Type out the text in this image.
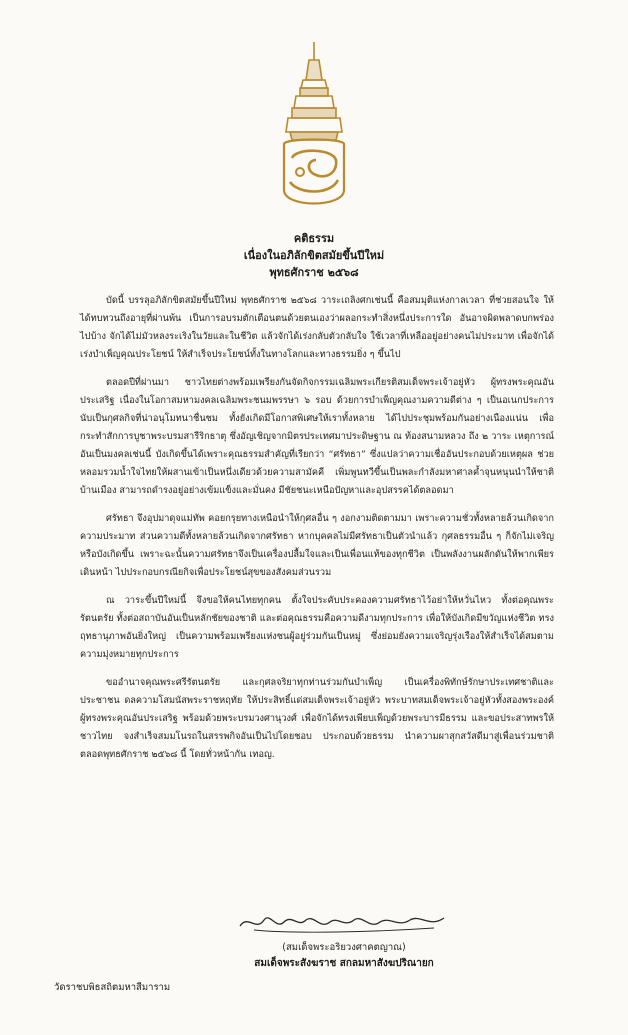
คติธรรม
เนื่องในอภิลักขิตสมัยขึ้นปีใหม่
พุทธศักราช ๒๕๖๘

บัดนี้ บรรลุอภิลักขิตสมัยขึ้นปีใหม่ พุทธศักราช ๒๕๖๘ วาระเถลิงศกเช่นนี้ คือสมมุติแห่งกาลเวลา ที่ช่วยสอนใจ ให้ได้ทบทวนถึงอายุที่ผ่านพ้น เป็นการอบรมตักเตือนตนด้วยตนเองว่าผลอกระทำสิ่งหนึ่งประการใด อันอาจผิดพลาดบกพร่องไปบ้าง จักได้ไม่มัวหลงระเริงในวัยและในชีวิต แล้วจักได้เร่งกลับตัวกลับใจ ใช้เวลาที่เหลืออยู่อย่างคนไม่ประมาท เพื่อจักได้เร่งบำเพ็ญคุณประโยชน์ ให้สำเร็จประโยชน์ทั้งในทางโลกและทางธรรมยิ่ง ๆ ขึ้นไป

ตลอดปีที่ผ่านมา ชาวไทยต่างพร้อมเพรียงกันจัดกิจกรรมเฉลิมพระเกียรติสมเด็จพระเจ้าอยู่หัว ผู้ทรงพระคุณอันประเสริฐ เนื่องในโอกาสมหามงคลเฉลิมพระชนมพรรษา ๖ รอบ ด้วยการบำเพ็ญคุณงามความดีต่าง ๆ เป็นอเนกประการ นับเป็นกุศลกิจที่น่าอนุโมทนาชื่นชม ทั้งยังเกิดมีโอกาสพิเศษให้เราทั้งหลาย ได้ไปประชุมพร้อมกันอย่างเนืองแน่น เพื่อกระทำสักการบูชาพระบรมสารีริกธาตุ ซึ่งอัญเชิญจากมิตรประเทศมาประดิษฐาน ณ ท้องสนามหลวง ถึง ๒ วาระ เหตุการณ์อันเป็นมงคลเช่นนี้ บังเกิดขึ้นได้เพราะคุณธรรมสำคัญที่เรียกว่า “ศรัทธา” ซึ่งแปลว่าความเชื่ออันประกอบด้วยเหตุผล ช่วยหลอมรวมน้ำใจไทยให้ผสานเข้าเป็นหนึ่งเดียวด้วยความสามัคคี เพิ่มพูนทวีขึ้นเป็นพละกำลังมหาศาลค้ำจุนหนุนนำให้ชาติบ้านเมือง สามารถดำรงอยู่อย่างเข้มแข็งและมั่นคง มีชัยชนะเหนือปัญหาและอุปสรรคได้ตลอดมา

ศรัทธา จึงอุปมาดุจแม่ทัพ คอยกรุยทางเหนือนำให้กุศลอื่น ๆ งอกงามติดตามมา เพราะความชั่วทั้งหลายล้วนเกิดจากความประมาท ส่วนความดีทั้งหลายล้วนเกิดจากศรัทธา หากบุคคลไม่มีศรัทธาเป็นตัวนำแล้ว กุศลธรรมอื่น ๆ ก็จักไม่เจริญหรือบังเกิดขึ้น เพราะฉะนั้นความศรัทธาจึงเป็นเครื่องปลื้มใจและเป็นเพื่อนแท้ของทุกชีวิต เป็นพลังงานผลักดันให้พากเพียรเดินหน้า ไปประกอบกรณียกิจเพื่อประโยชน์สุขของสังคมส่วนรวม

ณ วาระขึ้นปีใหม่นี้ จึงขอให้คนไทยทุกคน ตั้งใจประคับประคองความศรัทธาไว้อย่าให้หวั่นไหว ทั้งต่อคุณพระรัตนตรัย ทั้งต่อสถาบันอันเป็นหลักชัยของชาติ และต่อคุณธรรมคือความดีงามทุกประการ เพื่อให้บังเกิดมีขวัญแห่งชีวิต ทรงฤทธานุภาพอันยิ่งใหญ่ เป็นความพร้อมเพรียงแห่งชนผู้อยู่ร่วมกันเป็นหมู่ ซึ่งย่อมยังความเจริญรุ่งเรืองให้สำเร็จได้สมตามความมุ่งหมายทุกประการ

ขออำนาจคุณพระศรีรัตนตรัย และกุศลจริยาทุกท่านร่วมกันบำเพ็ญ เป็นเครื่องพิทักษ์รักษาประเทศชาติและประชาชน ดลความโสมนัสพระราชหฤทัย ให้ประสิทธิ์แด่สมเด็จพระเจ้าอยู่หัว พระบาทสมเด็จพระเจ้าอยู่หัวทั้งสองพระองค์ ผู้ทรงพระคุณอันประเสริฐ พร้อมด้วยพระบรมวงศานุวงศ์ เพื่อจักได้ทรงเพียบเพ็ญด้วยพระบารมีธรรม และขอประสาทพรให้ชาวไทย จงสำเร็จสมมโนรถในสรรพกิจอันเป็นไปโดยชอบ ประกอบด้วยธรรม นำความผาสุกสวัสดีมาสู่เพื่อนร่วมชาติ ตลอดพุทธศักราช ๒๕๖๘ นี้ โดยทั่วหน้ากัน เทอญ.

(สมเด็จพระอริยวงศาคตญาณ)
สมเด็จพระสังฆราช สกลมหาสังฆปริณายก
วัดราชบพิธสถิตมหาสีมาราม
